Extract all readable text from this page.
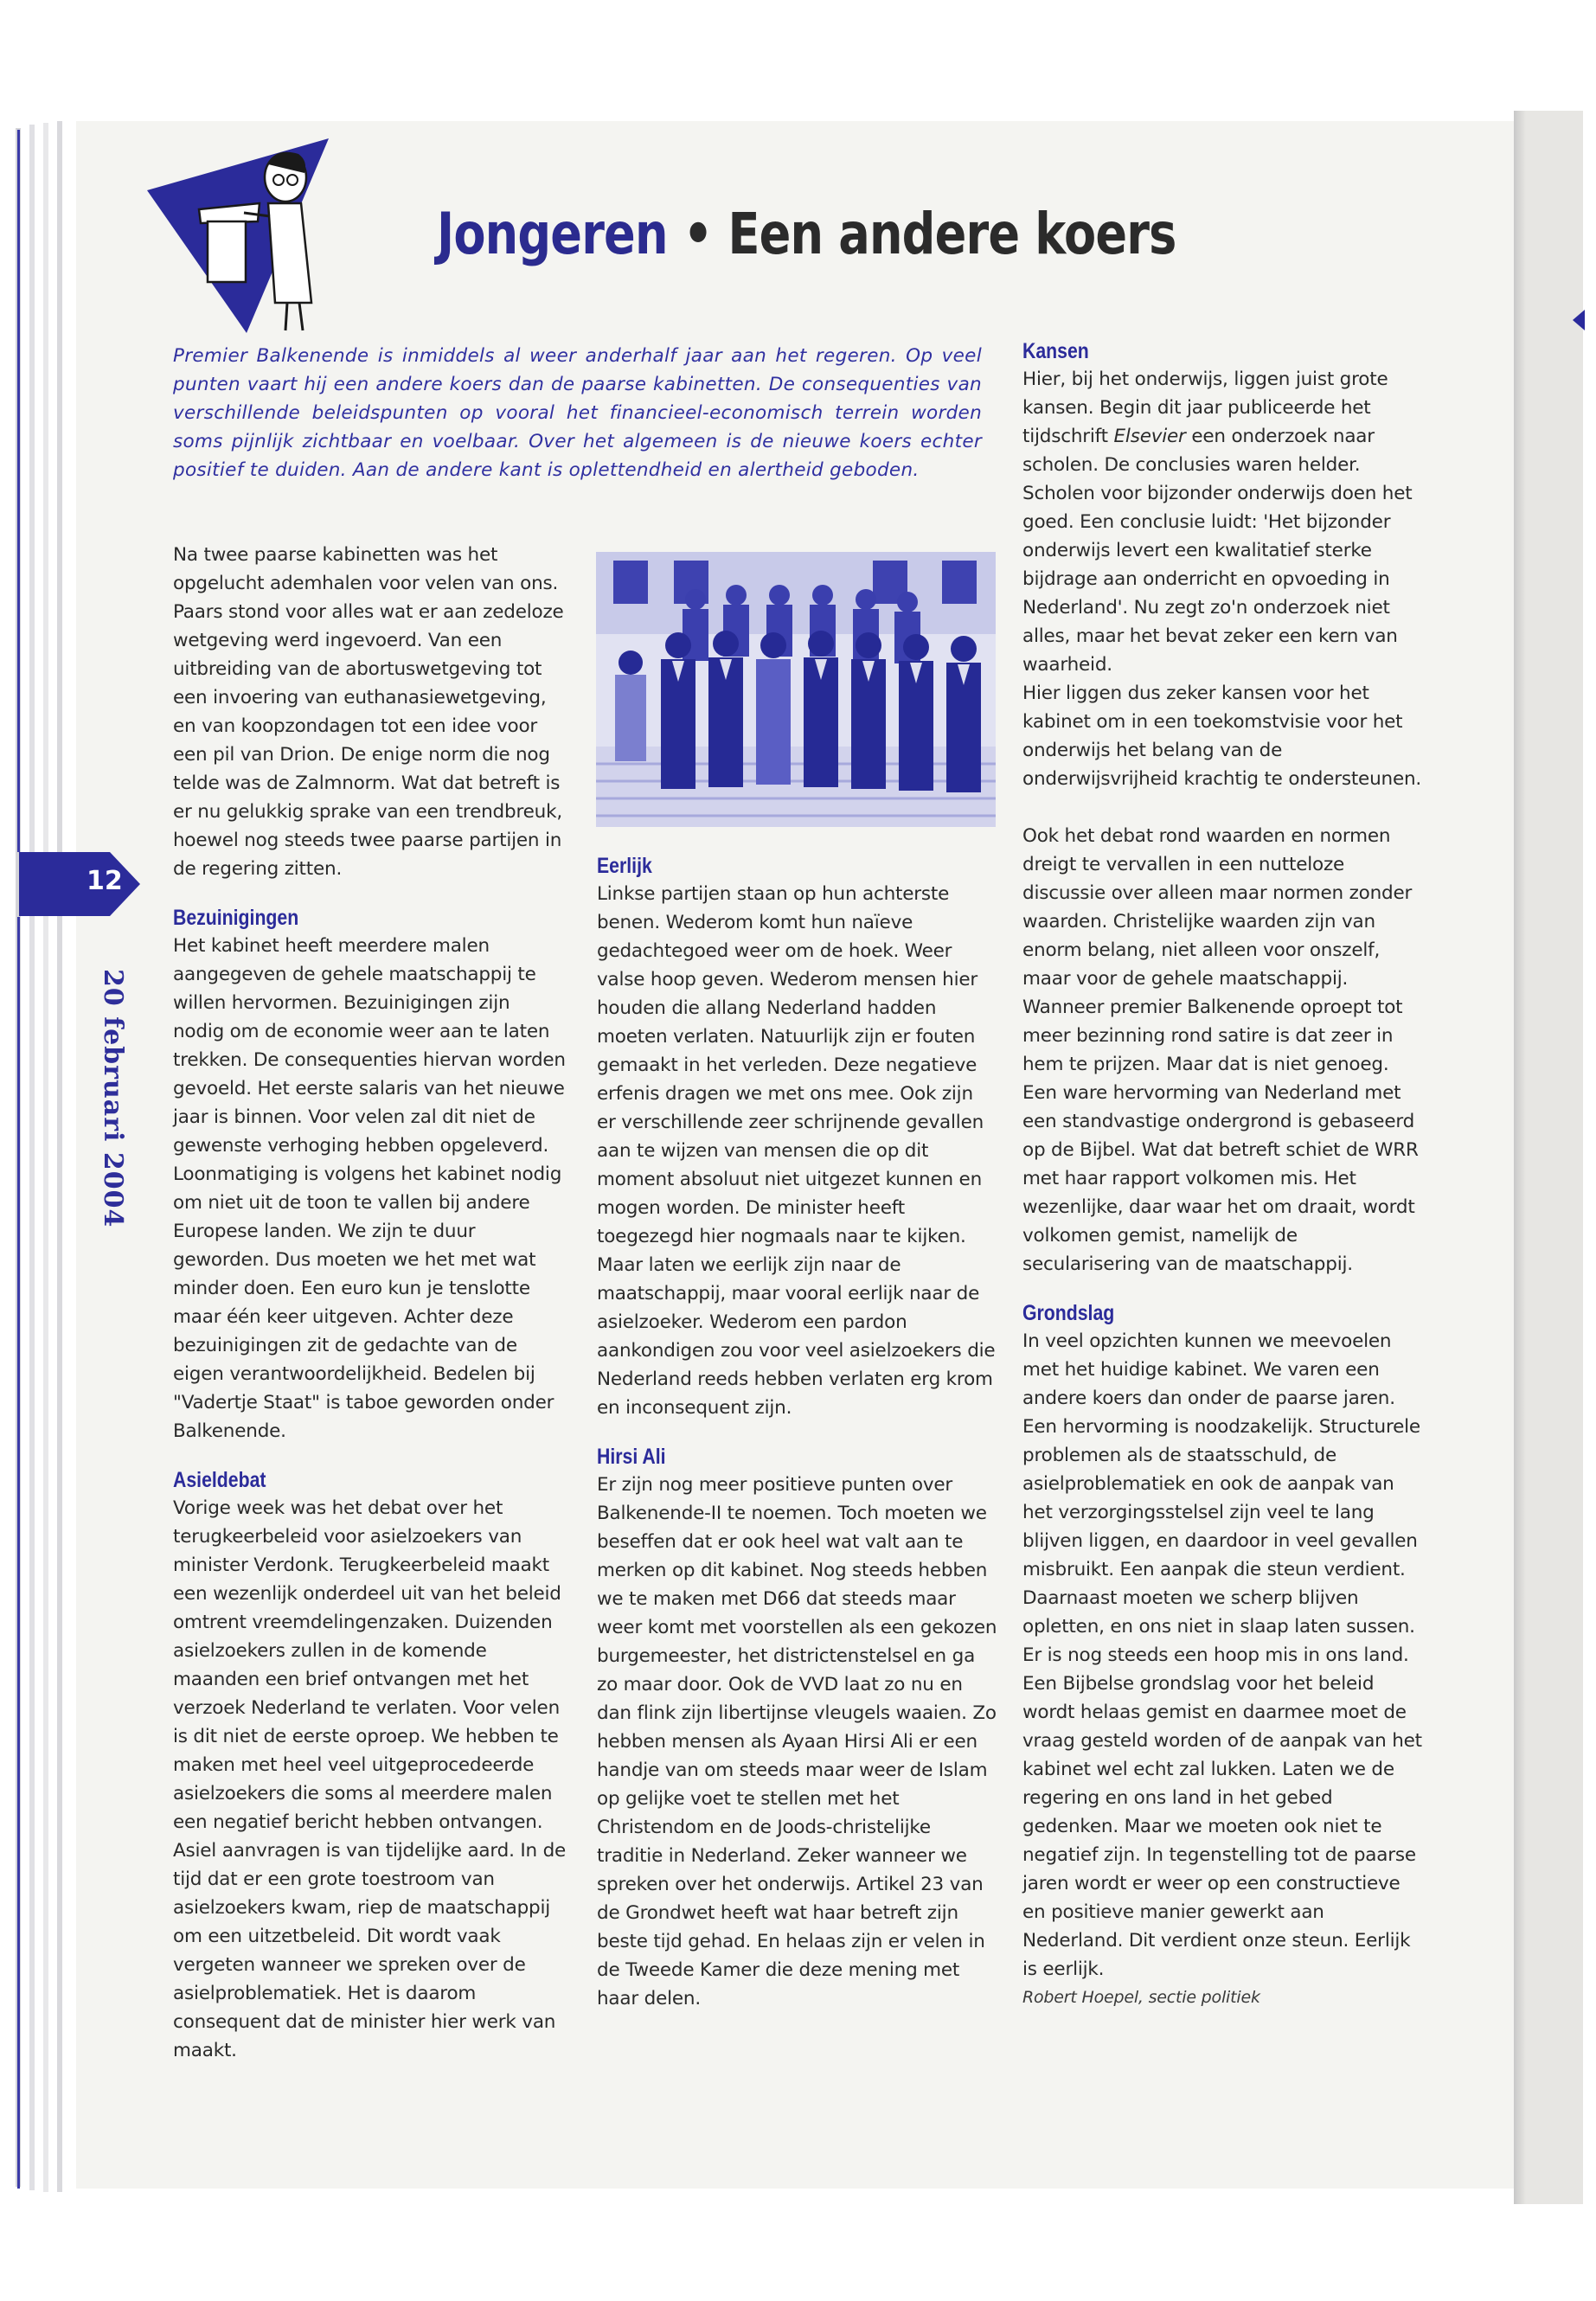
Jongeren • Een andere koers
Premier Balkenende is inmiddels al weer anderhalf jaar aan het regeren. Op veel punten vaart hij een andere koers dan de paarse kabinetten. De consequenties van verschillende beleidspunten op vooral het financieel-economisch terrein worden soms pijnlijk zichtbaar en voelbaar. Over het algemeen is de nieuwe koers echter positief te duiden. Aan de andere kant is oplettendheid en alertheid geboden.

Na twee paarse kabinetten was het opgelucht ademhalen voor velen van ons. Paars stond voor alles wat er aan zedeloze wetgeving werd ingevoerd. Van een uitbreiding van de abortuswetgeving tot een invoering van euthanasiewetgeving, en van koopzondagen tot een idee voor een pil van Drion. De enige norm die nog telde was de Zalmnorm. Wat dat betreft is er nu gelukkig sprake van een trendbreuk, hoewel nog steeds twee paarse partijen in de regering zitten.

Bezuinigingen

Het kabinet heeft meerdere malen aangegeven de gehele maatschappij te willen hervormen. Bezuinigingen zijn nodig om de economie weer aan te laten trekken. De consequenties hiervan worden gevoeld. Het eerste salaris van het nieuwe jaar is binnen. Voor velen zal dit niet de gewenste verhoging hebben opgeleverd. Loonmatiging is volgens het kabinet nodig om niet uit de toon te vallen bij andere Europese landen. We zijn te duur geworden. Dus moeten we het met wat minder doen. Een euro kun je tenslotte maar één keer uitgeven. Achter deze bezuinigingen zit de gedachte van de eigen verantwoordelijkheid. Bedelen bij "Vadertje Staat" is taboe geworden onder Balkenende.

Asieldebat

Vorige week was het debat over het terugkeerbeleid voor asielzoekers van minister Verdonk. Terugkeerbeleid maakt een wezenlijk onderdeel uit van het beleid omtrent vreemdelingenzaken. Duizenden asielzoekers zullen in de komende maanden een brief ontvangen met het verzoek Nederland te verlaten. Voor velen is dit niet de eerste oproep. We hebben te maken met heel veel uitgeprocedeerde asielzoekers die soms al meerdere malen een negatief bericht hebben ontvangen. Asiel aanvragen is van tijdelijke aard. In de tijd dat er een grote toestroom van asielzoekers kwam, riep de maatschappij om een uitzetbeleid. Dit wordt vaak vergeten wanneer we spreken over de asielproblematiek. Het is daarom consequent dat de minister hier werk van maakt.

Eerlijk

Linkse partijen staan op hun achterste benen. Wederom komt hun naïeve gedachtegoed weer om de hoek. Weer valse hoop geven. Wederom mensen hier houden die allang Nederland hadden moeten verlaten. Natuurlijk zijn er fouten gemaakt in het verleden. Deze negatieve erfenis dragen we met ons mee. Ook zijn er verschillende zeer schrijnende gevallen aan te wijzen van mensen die op dit moment absoluut niet uitgezet kunnen en mogen worden. De minister heeft toegezegd hier nogmaals naar te kijken. Maar laten we eerlijk zijn naar de maatschappij, maar vooral eerlijk naar de asielzoeker. Wederom een pardon aankondigen zou voor veel asielzoekers die Nederland reeds hebben verlaten erg krom en inconsequent zijn.

Hirsi Ali

Er zijn nog meer positieve punten over Balkenende-II te noemen. Toch moeten we beseffen dat er ook heel wat valt aan te merken op dit kabinet. Nog steeds hebben we te maken met D66 dat steeds maar weer komt met voorstellen als een gekozen burgemeester, het districtenstelsel en ga zo maar door. Ook de VVD laat zo nu en dan flink zijn libertijnse vleugels waaien. Zo hebben mensen als Ayaan Hirsi Ali er een handje van om steeds maar weer de Islam op gelijke voet te stellen met het Christendom en de Joods-christelijke traditie in Nederland. Zeker wanneer we spreken over het onderwijs. Artikel 23 van de Grondwet heeft wat haar betreft zijn beste tijd gehad. En helaas zijn er velen in de Tweede Kamer die deze mening met haar delen.

Kansen

Hier, bij het onderwijs, liggen juist grote kansen. Begin dit jaar publiceerde het tijdschrift Elsevier een onderzoek naar scholen. De conclusies waren helder. Scholen voor bijzonder onderwijs doen het goed. Een conclusie luidt: 'Het bijzonder onderwijs levert een kwalitatief sterke bijdrage aan onderricht en opvoeding in Nederland'. Nu zegt zo'n onderzoek niet alles, maar het bevat zeker een kern van waarheid.

Hier liggen dus zeker kansen voor het kabinet om in een toekomstvisie voor het onderwijs het belang van de onderwijsvrijheid krachtig te ondersteunen.

Ook het debat rond waarden en normen dreigt te vervallen in een nutteloze discussie over alleen maar normen zonder waarden. Christelijke waarden zijn van enorm belang, niet alleen voor onszelf, maar voor de gehele maatschappij. Wanneer premier Balkenende oproept tot meer bezinning rond satire is dat zeer in hem te prijzen. Maar dat is niet genoeg. Een ware hervorming van Nederland met een standvastige ondergrond is gebaseerd op de Bijbel. Wat dat betreft schiet de WRR met haar rapport volkomen mis. Het wezenlijke, daar waar het om draait, wordt volkomen gemist, namelijk de secularisering van de maatschappij.

Grondslag

In veel opzichten kunnen we meevoelen met het huidige kabinet. We varen een andere koers dan onder de paarse jaren. Een hervorming is noodzakelijk. Structurele problemen als de staatsschuld, de asielproblematiek en ook de aanpak van het verzorgingsstelsel zijn veel te lang blijven liggen, en daardoor in veel gevallen misbruikt. Een aanpak die steun verdient.

Daarnaast moeten we scherp blijven opletten, en ons niet in slaap laten sussen. Er is nog steeds een hoop mis in ons land. Een Bijbelse grondslag voor het beleid wordt helaas gemist en daarmee moet de vraag gesteld worden of de aanpak van het kabinet wel echt zal lukken. Laten we de regering en ons land in het gebed gedenken. Maar we moeten ook niet te negatief zijn. In tegenstelling tot de paarse jaren wordt er weer op een constructieve en positieve manier gewerkt aan Nederland. Dit verdient onze steun. Eerlijk is eerlijk.

Robert Hoepel, sectie politiek

12
20 februari 2004
